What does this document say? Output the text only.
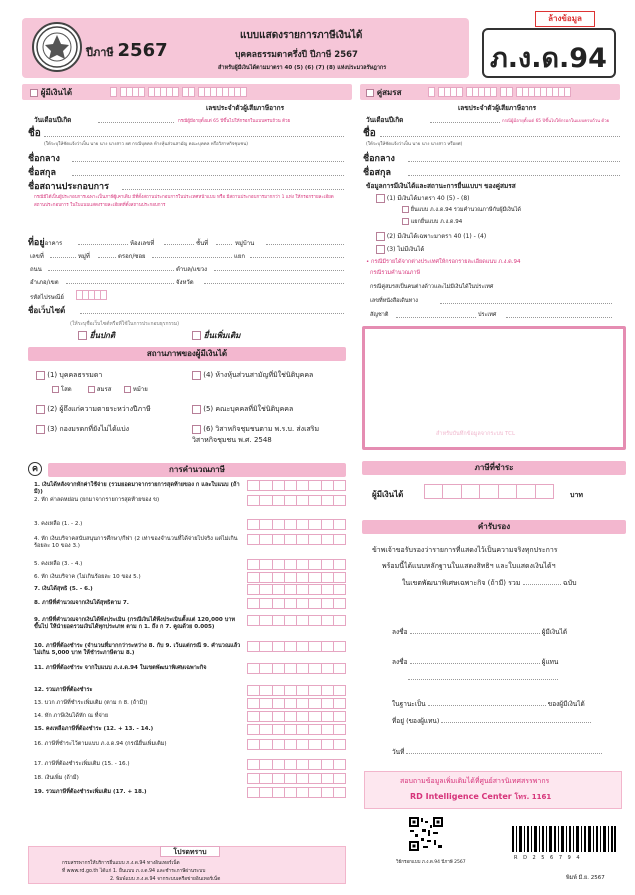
ปีภาษี 2567
แบบแสดงรายการภาษีเงินได้
บุคคลธรรมดาครึ่งปี ปีภาษี 2567
สำหรับผู้มีเงินได้ตามมาตรา 40 (5) (6) (7) (8) แห่งประมวลรัษฎากร	ภ.ง.ด.94
ล้างข้อมูล
ผู้มีเงินได้
เลขประจำตัวผู้เสียภาษีอากร
วันเดือนปีเกิด	กรณีผู้มีอายุตั้งแต่ 65 ปีขึ้นไปให้กรอกในแบบครบถ้วน ด้วย
ชื่อ
(ให้ระบุให้ชัดแจ้งว่าเป็น นาย นาง นางสาว ยศ กรณีบุคคล ห้างหุ้นส่วนสามัญ คณะบุคคล หรือวิสาหกิจชุมชน)
ชื่อกลาง
ชื่อสกุล
ชื่อสถานประกอบการ
กรณีมีได้เป็นผู้ประกอบการเฉพาะเป็นภาษีผู้เคาเดิม มีที่ตั้งสถานประกอบการในประเทศหน้าแบบ หรือ มีสถานประกอบการมากกว่า 1 แห่ง ให้กรอกรายละเอียดสถานประกอบการ ในใบแนบแสดงรายละเอียดที่ตั้งสถานประกอบการ
ที่อยู่อาคาร	ห้องเลขที่	ชั้นที่	หมู่บ้าน
เลขที่	หมู่ที่	ตรอก/ซอย	แยก
ถนน	ตำบล/แขวง
อำเภอ/เขต	จังหวัด
รหัสไปรษณีย์
ชื่อเว็บไซต์
(ให้ระบุชื่อเว็บไซต์หรือที่ใช้ในการประกอบธุรกรรม)
ยื่นปกติ	ยื่นเพิ่มเติม
สถานภาพของผู้มีเงินได้
(1) บุคคลธรรมดา
โสด	สมรส	หม้าย
(2) ผู้ถึงแก่ความตายระหว่างปีภาษี
(3) กองมรดกที่ยังไม่ได้แบ่ง
(4) ห้างหุ้นส่วนสามัญที่มิใช่นิติบุคคล
(5) คณะบุคคลที่มิใช่นิติบุคคล
(6) วิสาหกิจชุมชนตาม พ.ร.บ. ส่งเสริมวิสาหกิจชุมชน พ.ศ. 2548
ค	การคำนวณภาษี
1. เงินได้หลังจากหักค่าใช้จ่าย (รวมยอดมาจากรายการสุดท้ายของ ก และใบแนบ (ถ้ามี))
2. หัก ค่าลดหย่อน (ยกมาจากรายการสุดท้ายของ ข)
3. คงเหลือ (1. - 2.)
4. หัก เงินบริจาคสนับสนุนการศึกษา/กีฬา (2 เท่าของจำนวนที่ได้จ่ายไปจริง แต่ไม่เกินร้อยละ 10 ของ 3.)
5. คงเหลือ (3. - 4.)
6. หัก เงินบริจาค (ไม่เกินร้อยละ 10 ของ 5.)
7. เงินได้สุทธิ (5. - 6.)
8. ภาษีที่คำนวณจากเงินได้สุทธิตาม 7.
9. ภาษีที่คำนวณจากเงินได้พึงประเมิน (กรณีเงินได้พึงประเมินตั้งแต่ 120,000 บาท ขึ้นไป ให้นำยอดรวมเงินได้ทุกประเภท ตาม ก 1. ถึง ก 7. คูณด้วย 0.005)
10. ภาษีที่ต้องชำระ (จำนวนที่มากกว่าระหว่าง 8. กับ 9. เว้นแต่กรณี 9. คำนวณแล้วไม่เกิน 5,000 บาท ให้ชำระภาษีตาม 8.)
11. ภาษีที่ต้องชำระ จากใบแนบ ภ.ง.ด.94 ในเขตพัฒนาพิเศษเฉพาะกิจ
12. รวมภาษีที่ต้องชำระ
13. บวก ภาษีที่ชำระเพิ่มเติม (ตาม ก 8. (ถ้ามี))
14. หัก ภาษีเงินได้หัก ณ ที่จ่าย
15. คงเหลือภาษีที่ต้องชำระ (12. + 13. - 14.)
16. ภาษีที่ชำระไว้ตามแบบ ภ.ง.ด.94 (กรณียื่นเพิ่มเติม)
17. ภาษีที่ต้องชำระเพิ่มเติม (15. - 16.)
18. เงินเพิ่ม (ถ้ามี)
19. รวมภาษีที่ต้องชำระเพิ่มเติม (17. + 18.)
คู่สมรส
เลขประจำตัวผู้เสียภาษีอากร
วันเดือนปีเกิด	กรณีผู้มีอายุตั้งแต่ 65 ปีขึ้นไปให้กรอกในแบบครบถ้วน ด้วย
ชื่อ
(ให้ระบุให้ชัดแจ้งว่าเป็น นาย นาง นางสาว หรือยศ)
ชื่อกลาง
ชื่อสกุล
ข้อมูลการมีเงินได้และสถานะการยื่นแบบฯ ของคู่สมรส
(1) มีเงินได้มาตรา 40 (5) - (8)
ยื่นแบบ ภ.ง.ด.94 รวมคำนวณภาษีกับผู้มีเงินได้
แยกยื่นแบบ ภ.ง.ด.94
(2) มีเงินได้เฉพาะมาตรา 40 (1) - (4)
(3) ไม่มีเงินได้
• กรณีมีรายได้จากต่างประเทศให้กรอกรายละเอียดแนบ ภ.ง.ด.94
กรณีรวมคำนวณภาษี
กรณีคู่สมรสเป็นคนต่างด้าวและไม่มีเงินได้ในประเทศ
เลขที่หนังสือเดินทาง
สัญชาติ	ประเทศ
สำหรับบันทึกข้อมูลจากระบบ TCL
ภาษีที่ชำระ
ผู้มีเงินได้	บาท
คำรับรอง
ข้าพเจ้าขอรับรองว่ารายการที่แสดงไว้เป็นความจริงทุกประการ
พร้อมนี้ได้แนบหลักฐานในแสดงสิทธิฯ และใบแสดงเงินได้ฯ
ในเขตพัฒนาพิเศษเฉพาะกิจ (ถ้ามี) รวม	ฉบับ
ลงชื่อ	ผู้มีเงินได้
ลงชื่อ	ผู้แทน
ในฐานะเป็น	ของผู้มีเงินได้
ที่อยู่ (ของผู้แทน)
วันที่
สอบถามข้อมูลเพิ่มเติมได้ที่ศูนย์สารนิเทศสรรพากร
RD Intelligence Center โทร. 1161
วิธีกรอกแบบ ภ.ง.ด.94 ปีภาษี 2567
R D 2 5 6 7 9 4
พิมพ์ มี.ย. 2567
โปรดทราบ
กรมสรรพากรให้บริการยื่นแบบ ภ.ง.ด.94 ทางอินเทอร์เน็ต
ที่ www.rd.go.th ได้แก่ 1. ยื่นแบบ ภ.ง.ด.94 และชำระภาษีผ่านระบบ
2. พิมพ์แบบ ภ.ง.ด.94 จากระบบเครือข่ายอินเทอร์เน็ต
